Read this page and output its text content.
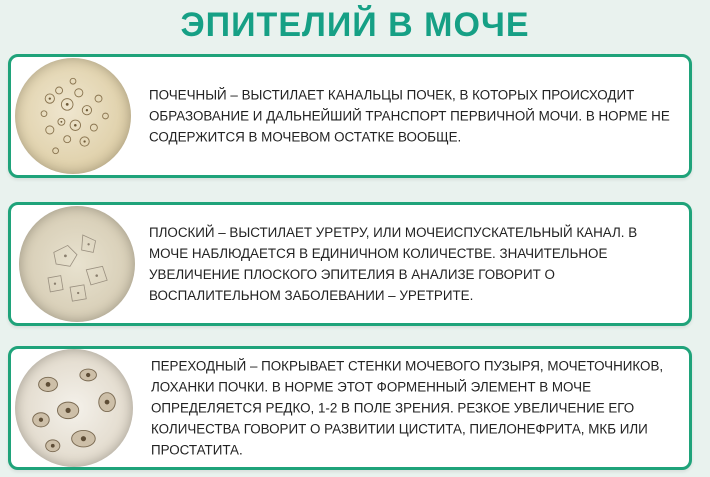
ЭПИТЕЛИЙ В МОЧЕ
ПОЧЕЧНЫЙ – ВЫСТИЛАЕТ КАНАЛЬЦЫ ПОЧЕК, В КОТОРЫХ ПРОИСХОДИТ ОБРАЗОВАНИЕ И ДАЛЬНЕЙШИЙ ТРАНСПОРТ ПЕРВИЧНОЙ МОЧИ. В НОРМЕ НЕ СОДЕРЖИТСЯ В МОЧЕВОМ ОСТАТКЕ ВООБЩЕ.
ПЛОСКИЙ – ВЫСТИЛАЕТ УРЕТРУ, ИЛИ МОЧЕИСПУСКАТЕЛЬНЫЙ КАНАЛ. В МОЧЕ НАБЛЮДАЕТСЯ В ЕДИНИЧНОМ КОЛИЧЕСТВЕ. ЗНАЧИТЕЛЬНОЕ УВЕЛИЧЕНИЕ ПЛОСКОГО ЭПИТЕЛИЯ В АНАЛИЗЕ ГОВОРИТ О ВОСПАЛИТЕЛЬНОМ ЗАБОЛЕВАНИИ – УРЕТРИТЕ.
ПЕРЕХОДНЫЙ – ПОКРЫВАЕТ СТЕНКИ МОЧЕВОГО ПУЗЫРЯ, МОЧЕТОЧНИКОВ, ЛОХАНКИ ПОЧКИ. В НОРМЕ ЭТОТ ФОРМЕННЫЙ ЭЛЕМЕНТ В МОЧЕ ОПРЕДЕЛЯЕТСЯ РЕДКО, 1-2 В ПОЛЕ ЗРЕНИЯ. РЕЗКОЕ УВЕЛИЧЕНИЕ ЕГО КОЛИЧЕСТВА ГОВОРИТ О РАЗВИТИИ ЦИСТИТА, ПИЕЛОНЕФРИТА, МКБ ИЛИ ПРОСТАТИТА.
